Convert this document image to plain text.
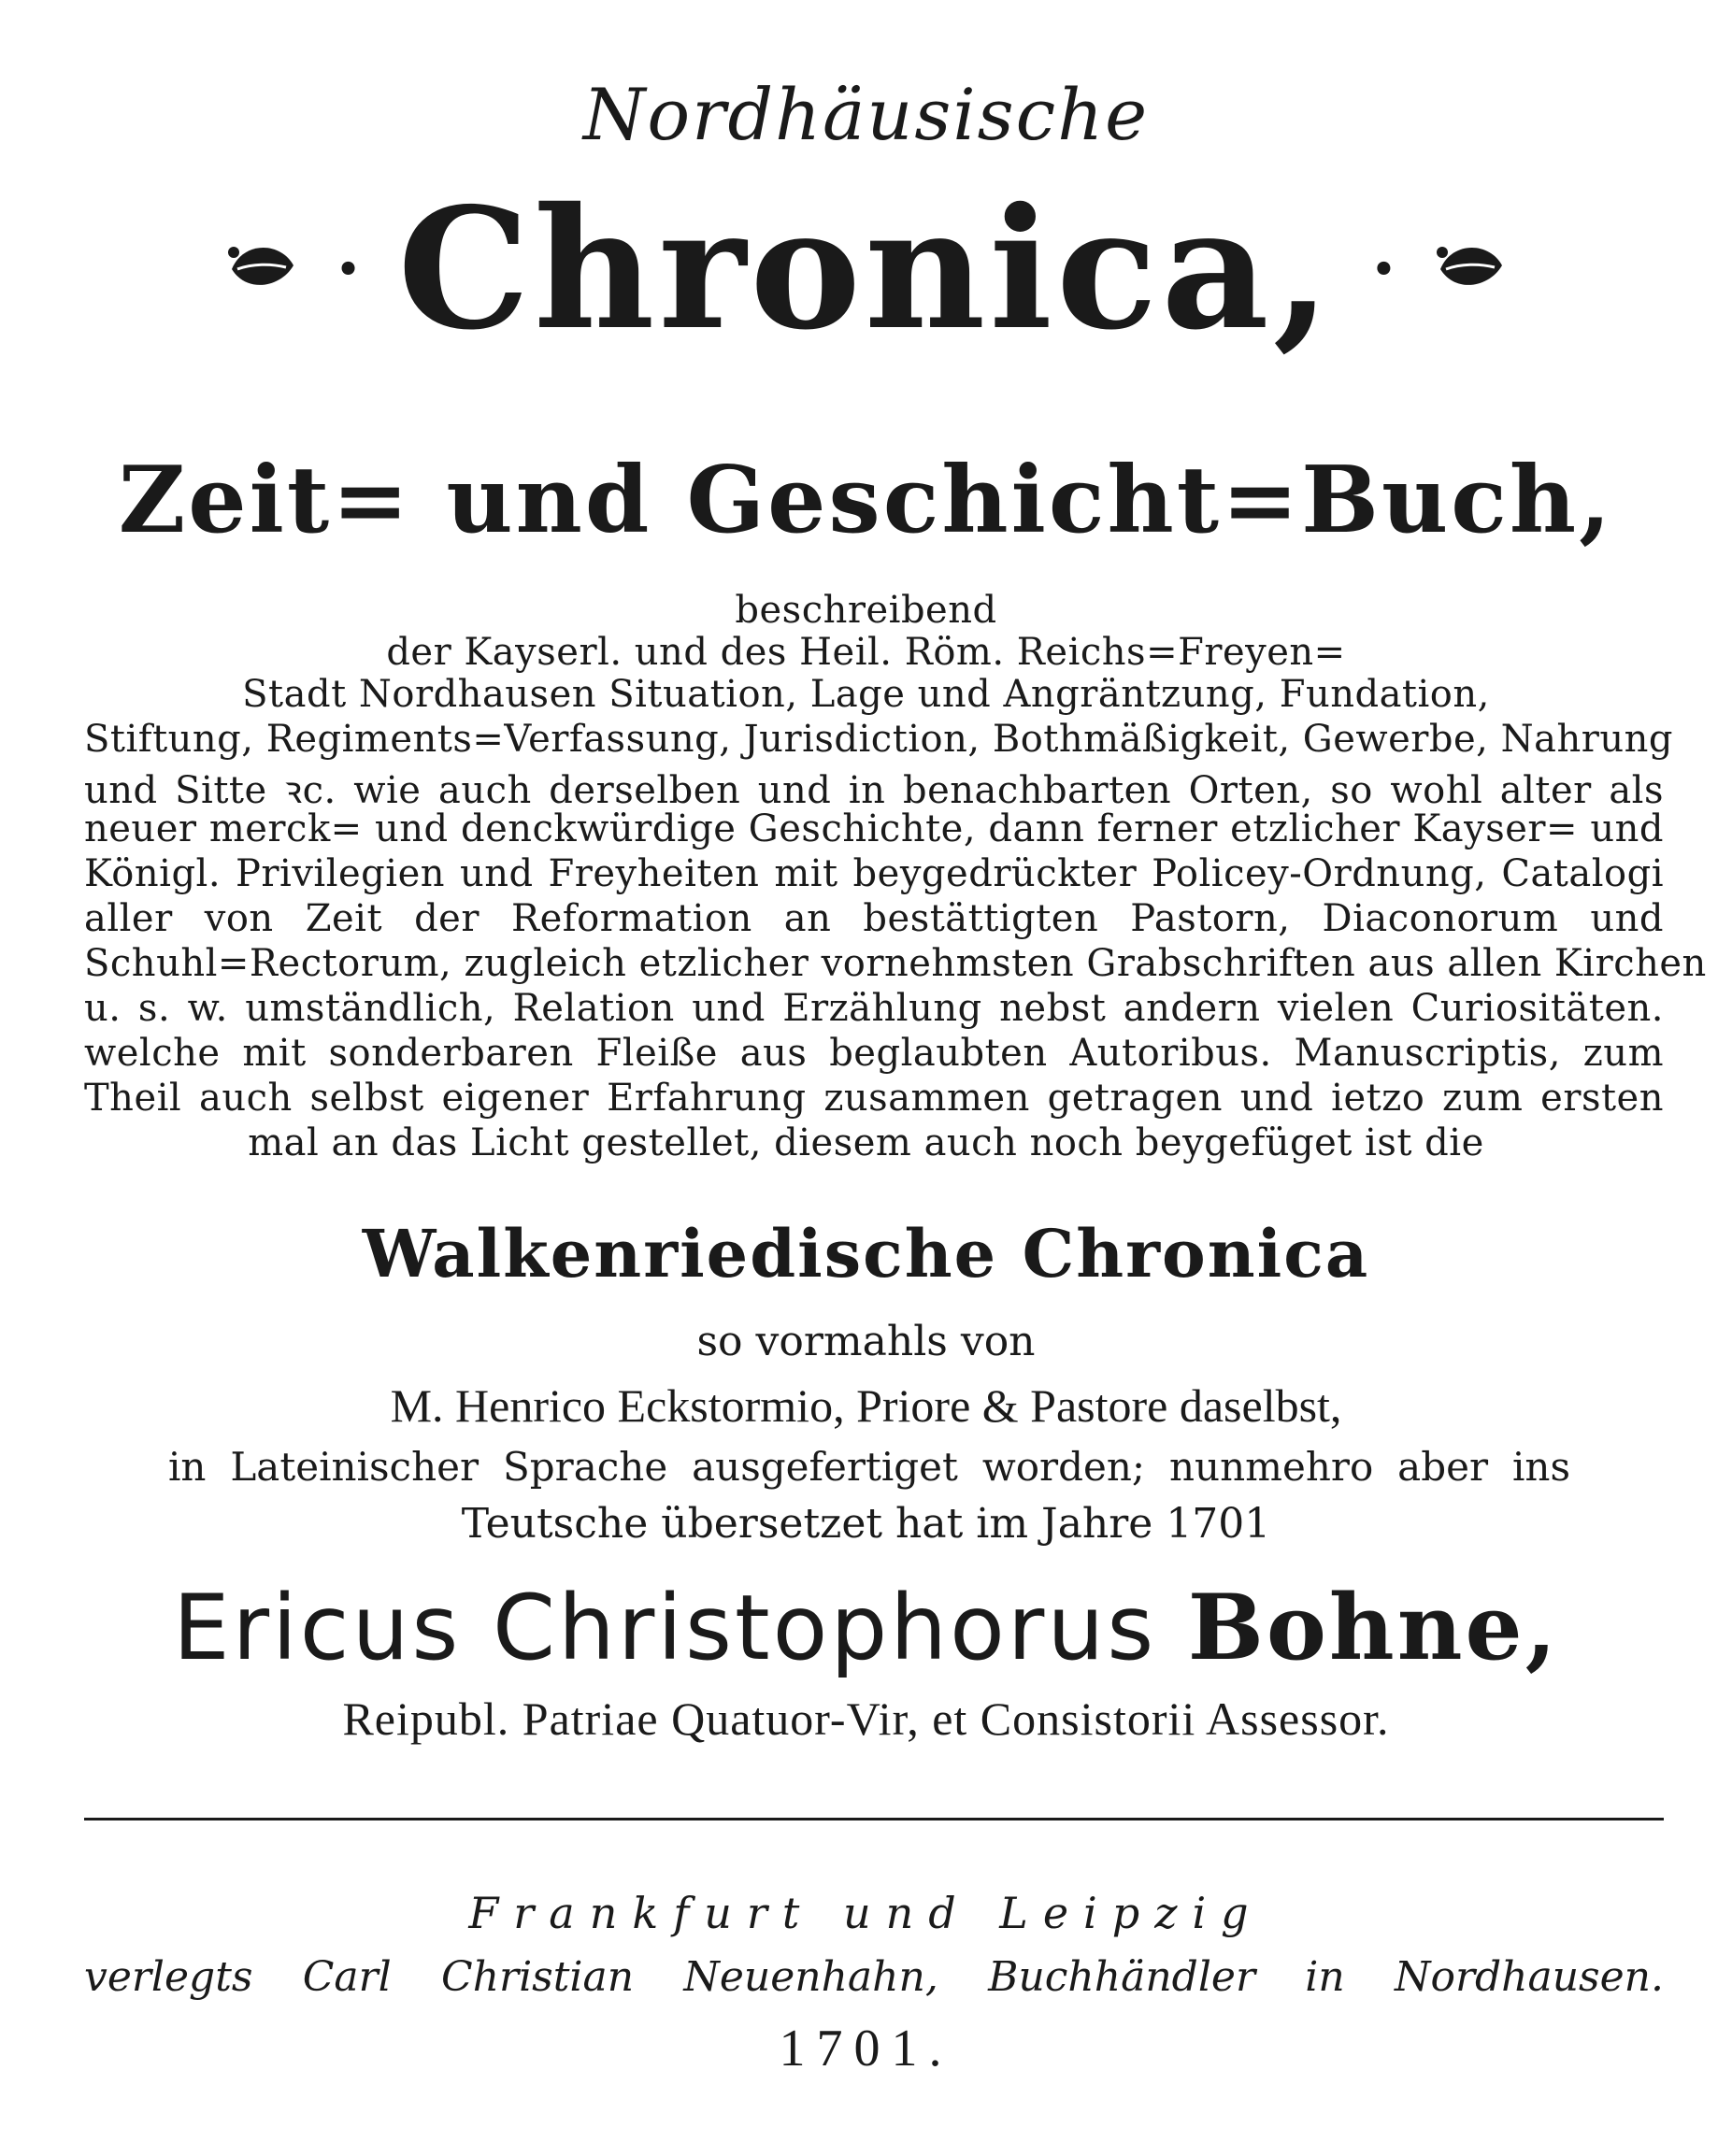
Nordhäusische
• Chronica, •
Zeit= und Geschicht=Buch,
beschreibend
der Kayserl. und des Heil. Röm. Reichs=Freyen=
Stadt Nordhausen Situation, Lage und Angräntzung, Fundation,
Stiftung, Regiments=Verfassung, Jurisdiction, Bothmäßigkeit, Gewerbe, Nahrung
und Sitte ꝛc. wie auch derselben und in benachbarten Orten, so wohl alter als
neuer merck= und denckwürdige Geschichte, dann ferner etzlicher Kayser= und
Königl. Privilegien und Freyheiten mit beygedrückter Policey-Ordnung, Catalogi
aller von Zeit der Reformation an bestättigten Pastorn, Diaconorum und
Schuhl=Rectorum, zugleich etzlicher vornehmsten Grabschriften aus allen Kirchen
u. s. w. umständlich, Relation und Erzählung nebst andern vielen Curiositäten.
welche mit sonderbaren Fleiße aus beglaubten Autoribus. Manuscriptis, zum
Theil auch selbst eigener Erfahrung zusammen getragen und ietzo zum ersten
mal an das Licht gestellet, diesem auch noch beygefüget ist die
Walkenriedische Chronica
so vormahls von
M. Henrico Eckstormio, Priore & Pastore daselbst,
in Lateinischer Sprache ausgefertiget worden; nunmehro aber ins
Teutsche übersetzet hat im Jahre 1701
Ericus Christophorus Bohne,
Reipubl. Patriae Quatuor-Vir, et Consistorii Assessor.
Frankfurt und Leipzig
verlegts Carl Christian Neuenhahn, Buchhändler in Nordhausen.
1701.
